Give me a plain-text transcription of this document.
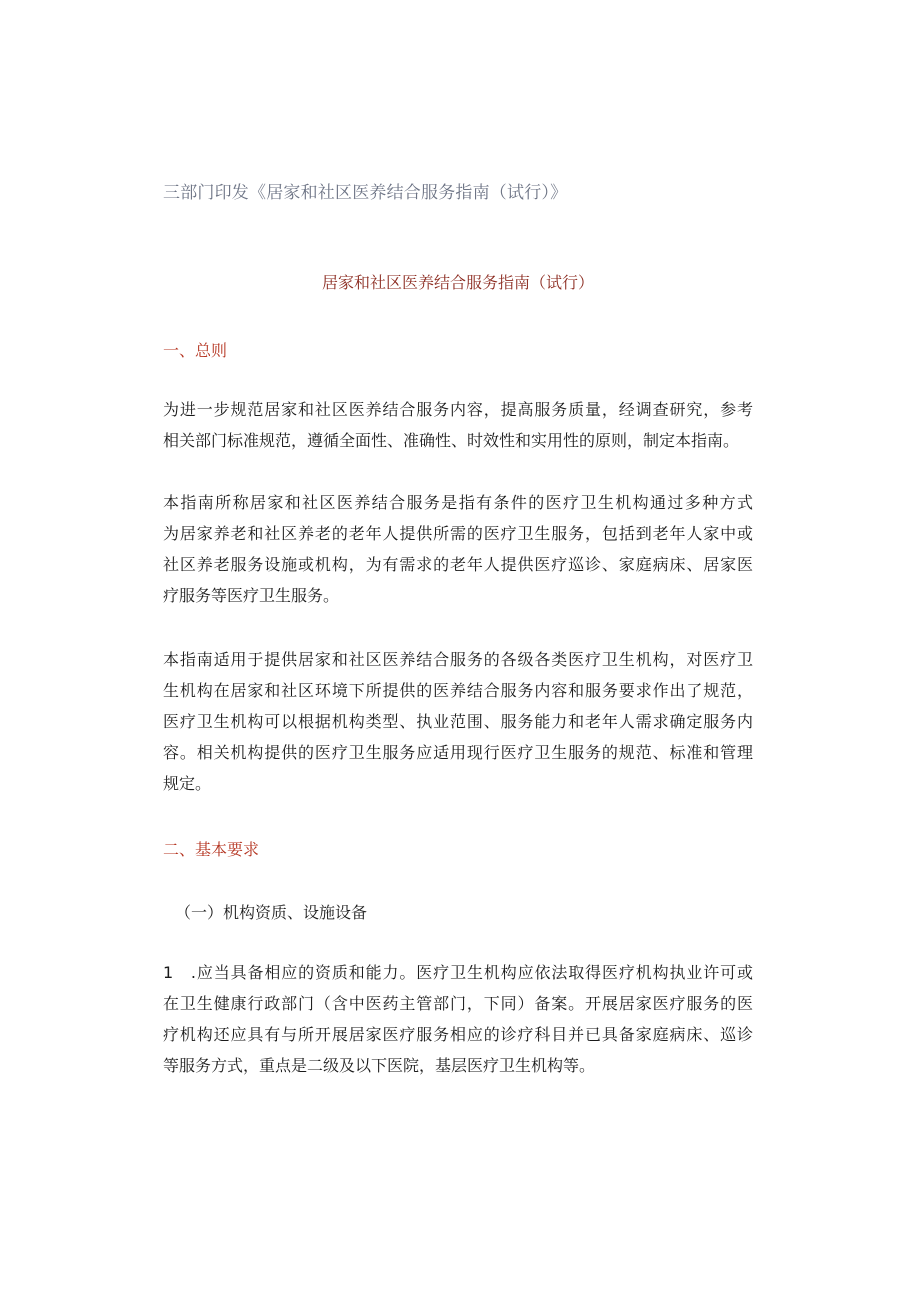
三部门印发《居家和社区医养结合服务指南（试行）》
居家和社区医养结合服务指南（试行）
一、总则

为进一步规范居家和社区医养结合服务内容，提高服务质量，经调查研究，参考
相关部门标准规范，遵循全面性、准确性、时效性和实用性的原则，制定本指南。

本指南所称居家和社区医养结合服务是指有条件的医疗卫生机构通过多种方式
为居家养老和社区养老的老年人提供所需的医疗卫生服务，包括到老年人家中或
社区养老服务设施或机构，为有需求的老年人提供医疗巡诊、家庭病床、居家医
疗服务等医疗卫生服务。

本指南适用于提供居家和社区医养结合服务的各级各类医疗卫生机构，对医疗卫
生机构在居家和社区环境下所提供的医养结合服务内容和服务要求作出了规范，
医疗卫生机构可以根据机构类型、执业范围、服务能力和老年人需求确定服务内
容。相关机构提供的医疗卫生服务应适用现行医疗卫生服务的规范、标准和管理
规定。

二、基本要求
（一）机构资质、设施设备

1　.应当具备相应的资质和能力。医疗卫生机构应依法取得医疗机构执业许可或
在卫生健康行政部门（含中医药主管部门，下同）备案。开展居家医疗服务的医
疗机构还应具有与所开展居家医疗服务相应的诊疗科目并已具备家庭病床、巡诊
等服务方式，重点是二级及以下医院，基层医疗卫生机构等。
